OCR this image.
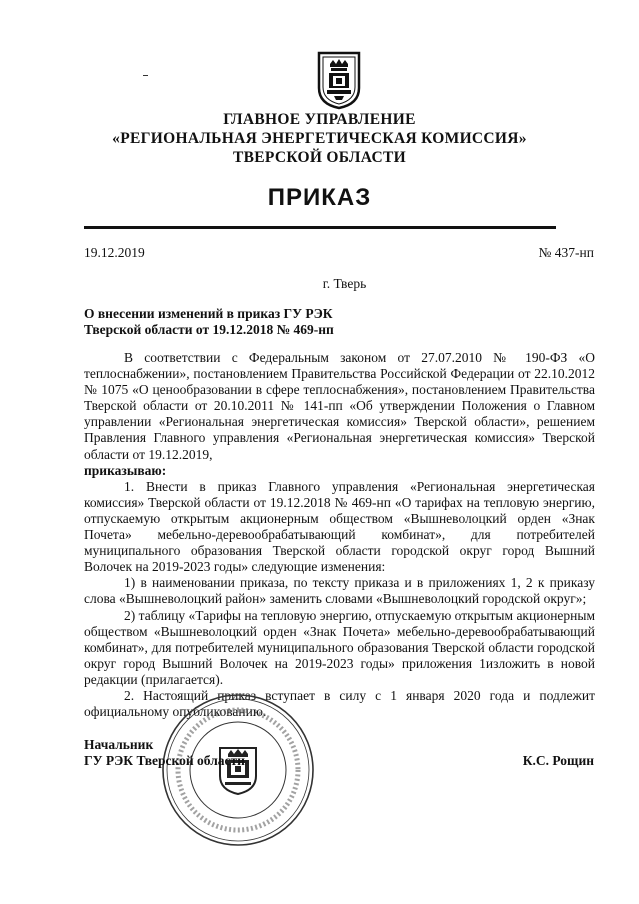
ГЛАВНОЕ УПРАВЛЕНИЕ
«РЕГИОНАЛЬНАЯ ЭНЕРГЕТИЧЕСКАЯ КОМИССИЯ»
ТВЕРСКОЙ ОБЛАСТИ
ПРИКАЗ
19.12.2019	№ 437-нп
г. Тверь
О внесении изменений в приказ ГУ РЭК
Тверской области от 19.12.2018 № 469-нп

В соответствии с Федеральным законом от 27.07.2010 № 190-ФЗ «О теплоснабжении», постановлением Правительства Российской Федерации от 22.10.2012 № 1075 «О ценообразовании в сфере теплоснабжения», постановлением Правительства Тверской области от 20.10.2011 № 141-пп «Об утверждении Положения о Главном управлении «Региональная энергетическая комиссия» Тверской области», решением Правления Главного управления «Региональная энергетическая комиссия» Тверской области от 19.12.2019,

приказываю:

1. Внести в приказ Главного управления «Региональная энергетическая комиссия» Тверской области от 19.12.2018 № 469-нп «О тарифах на тепловую энергию, отпускаемую открытым акционерным обществом «Вышневолоцкий орден «Знак Почета» мебельно-деревообрабатывающий комбинат», для потребителей муниципального образования Тверской области городской округ город Вышний Волочек на 2019-2023 годы» следующие изменения:

1) в наименовании приказа, по тексту приказа и в приложениях 1, 2 к приказу слова «Вышневолоцкий район» заменить словами «Вышневолоцкий городской округ»;

2) таблицу «Тарифы на тепловую энергию, отпускаемую открытым акционерным обществом «Вышневолоцкий орден «Знак Почета» мебельно-деревообрабатывающий комбинат», для потребителей муниципального образования Тверской области городской округ город Вышний Волочек на 2019-2023 годы» приложения 1изложить в новой редакции (прилагается).

2. Настоящий приказ вступает в силу с 1 января 2020 года и подлежит официальному опубликованию.

Начальник
ГУ РЭК Тверской области	К.С. Рощин
